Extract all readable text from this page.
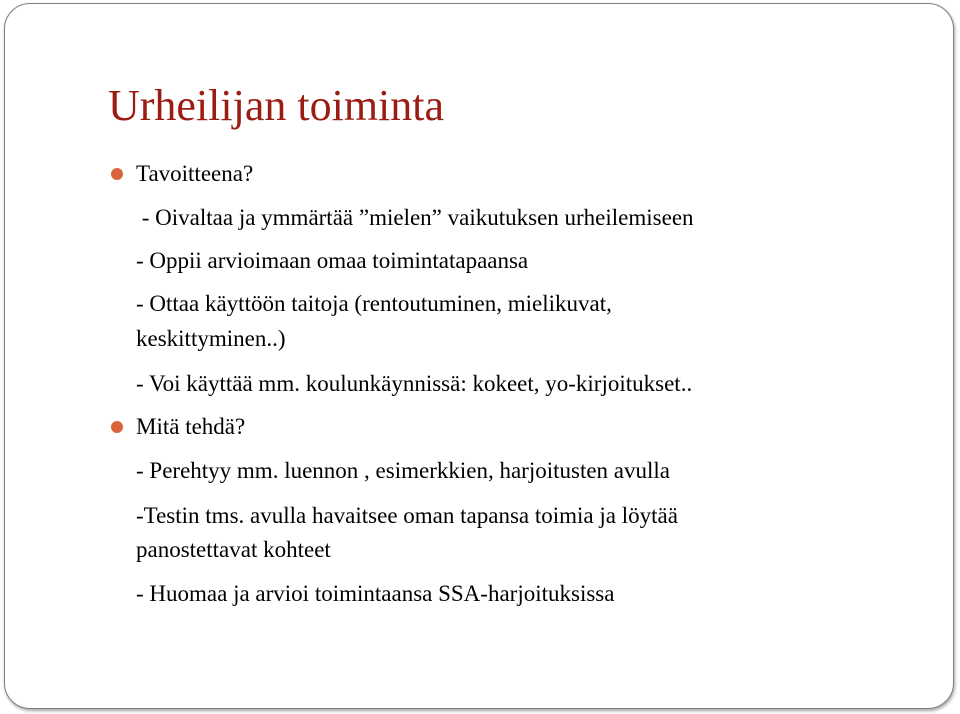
Urheilijan toiminta

Tavoitteena?

- Oivaltaa ja ymmärtää ”mielen” vaikutuksen urheilemiseen

- Oppii arvioimaan omaa toimintatapaansa

- Ottaa käyttöön taitoja (rentoutuminen, mielikuvat,

keskittyminen..)

- Voi käyttää mm. koulunkäynnissä: kokeet, yo-kirjoitukset..

Mitä tehdä?

- Perehtyy mm. luennon , esimerkkien, harjoitusten avulla

-Testin tms. avulla havaitsee oman tapansa toimia ja löytää

panostettavat kohteet

- Huomaa ja arvioi toimintaansa SSA-harjoituksissa
